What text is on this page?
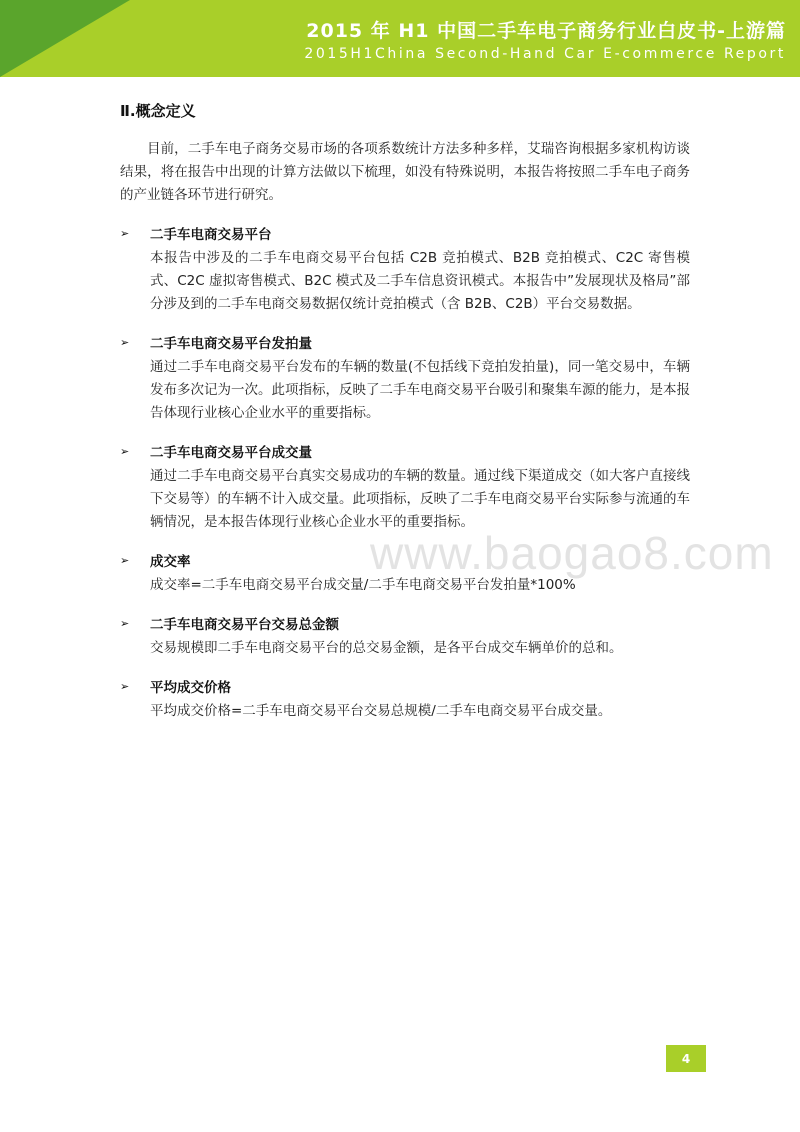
2015 年 H1 中国二手车电子商务行业白皮书-上游篇
2015H1China Second-Hand Car E-commerce Report
www.baogao8.com
Ⅱ.概念定义

目前，二手车电子商务交易市场的各项系数统计方法多种多样，艾瑞咨询根据多家机构访谈结果，将在报告中出现的计算方法做以下梳理，如没有特殊说明，本报告将按照二手车电子商务的产业链各环节进行研究。

➢	二手车电商交易平台

本报告中涉及的二手车电商交易平台包括 C2B 竞拍模式、B2B 竞拍模式、C2C 寄售模式、C2C 虚拟寄售模式、B2C 模式及二手车信息资讯模式。本报告中”发展现状及格局”部分涉及到的二手车电商交易数据仅统计竞拍模式（含 B2B、C2B）平台交易数据。

➢	二手车电商交易平台发拍量

通过二手车电商交易平台发布的车辆的数量(不包括线下竞拍发拍量)，同一笔交易中，车辆发布多次记为一次。此项指标，反映了二手车电商交易平台吸引和聚集车源的能力，是本报告体现行业核心企业水平的重要指标。

➢	二手车电商交易平台成交量

通过二手车电商交易平台真实交易成功的车辆的数量。通过线下渠道成交（如大客户直接线下交易等）的车辆不计入成交量。此项指标，反映了二手车电商交易平台实际参与流通的车辆情况，是本报告体现行业核心企业水平的重要指标。

➢	成交率

成交率=二手车电商交易平台成交量/二手车电商交易平台发拍量*100%

➢	二手车电商交易平台交易总金额

交易规模即二手车电商交易平台的总交易金额，是各平台成交车辆单价的总和。

➢	平均成交价格

平均成交价格=二手车电商交易平台交易总规模/二手车电商交易平台成交量。

4
